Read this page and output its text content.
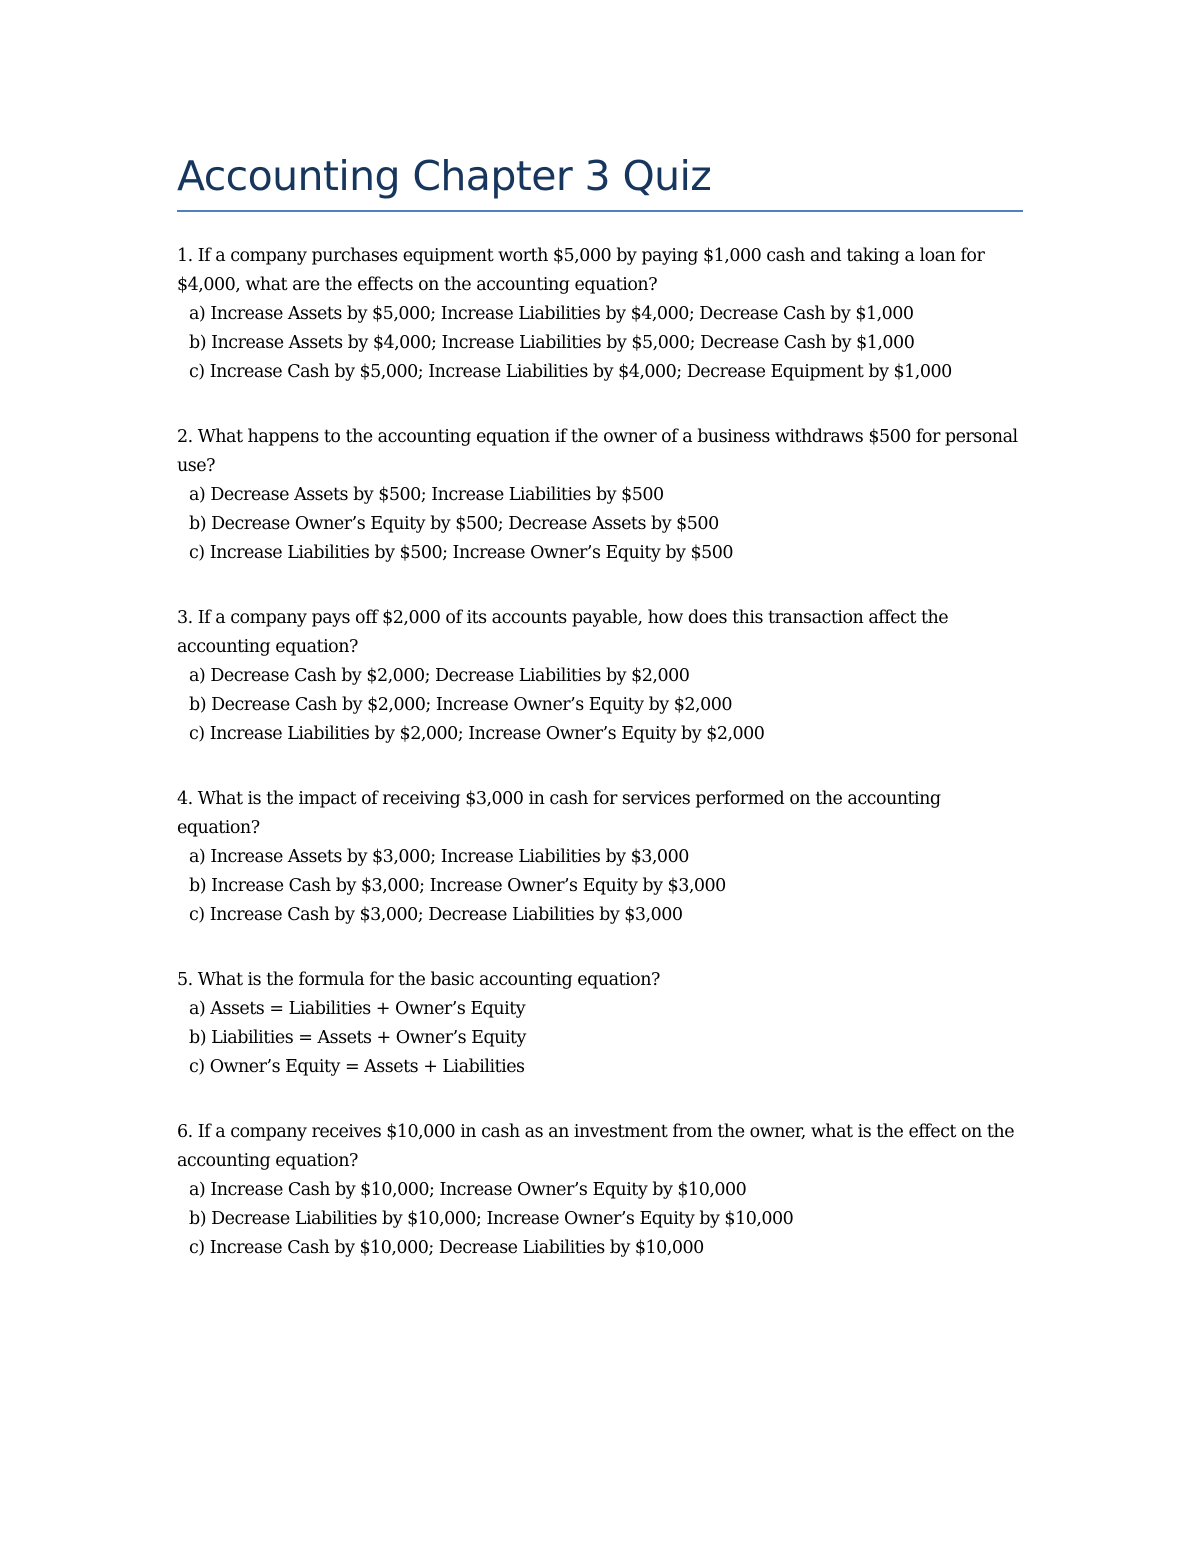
Accounting Chapter 3 Quiz

1. If a company purchases equipment worth $5,000 by paying $1,000 cash and taking a loan for $4,000, what are the effects on the accounting equation?

a) Increase Assets by $5,000; Increase Liabilities by $4,000; Decrease Cash by $1,000
b) Increase Assets by $4,000; Increase Liabilities by $5,000; Decrease Cash by $1,000
c) Increase Cash by $5,000; Increase Liabilities by $4,000; Decrease Equipment by $1,000

2. What happens to the accounting equation if the owner of a business withdraws $500 for personal use?

a) Decrease Assets by $500; Increase Liabilities by $500
b) Decrease Owner’s Equity by $500; Decrease Assets by $500
c) Increase Liabilities by $500; Increase Owner’s Equity by $500

3. If a company pays off $2,000 of its accounts payable, how does this transaction affect the accounting equation?

a) Decrease Cash by $2,000; Decrease Liabilities by $2,000
b) Decrease Cash by $2,000; Increase Owner’s Equity by $2,000
c) Increase Liabilities by $2,000; Increase Owner’s Equity by $2,000

4. What is the impact of receiving $3,000 in cash for services performed on the accounting equation?

a) Increase Assets by $3,000; Increase Liabilities by $3,000
b) Increase Cash by $3,000; Increase Owner’s Equity by $3,000
c) Increase Cash by $3,000; Decrease Liabilities by $3,000

5. What is the formula for the basic accounting equation?

a) Assets = Liabilities + Owner’s Equity
b) Liabilities = Assets + Owner’s Equity
c) Owner’s Equity = Assets + Liabilities

6. If a company receives $10,000 in cash as an investment from the owner, what is the effect on the accounting equation?

a) Increase Cash by $10,000; Increase Owner’s Equity by $10,000
b) Decrease Liabilities by $10,000; Increase Owner’s Equity by $10,000
c) Increase Cash by $10,000; Decrease Liabilities by $10,000
